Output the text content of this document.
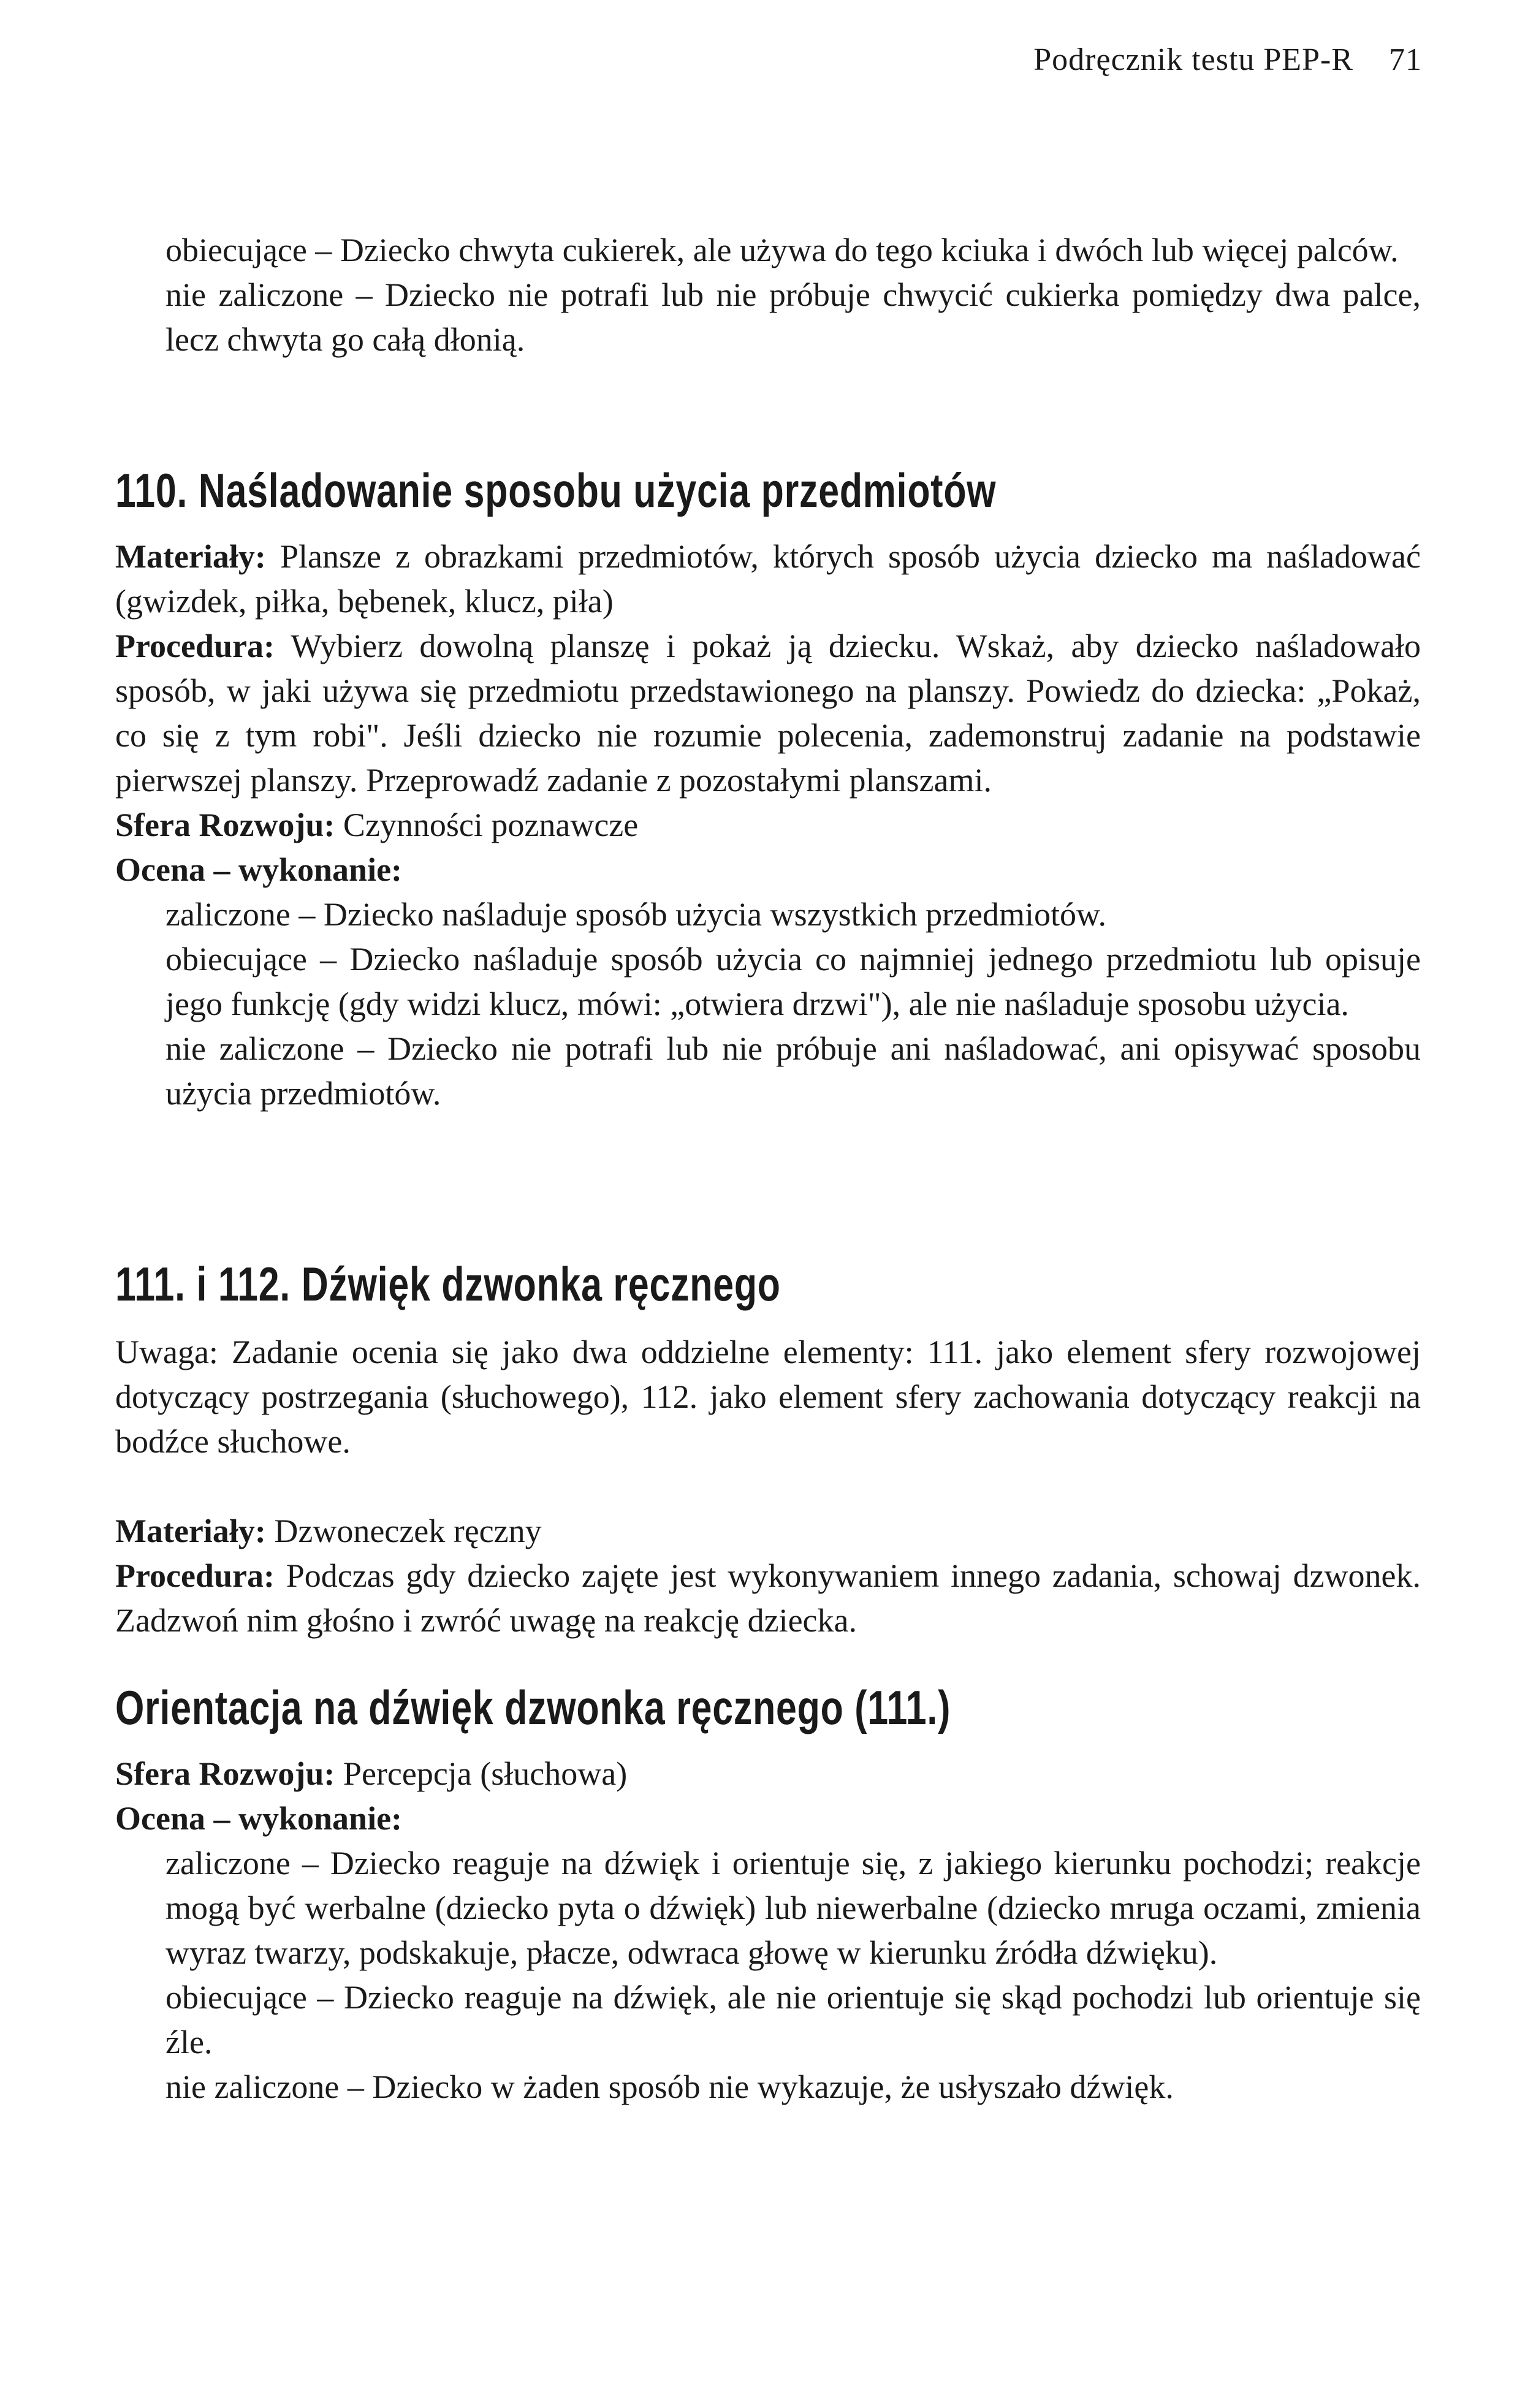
Podręcznik testu PEP-R 71

obiecujące – Dziecko chwyta cukierek, ale używa do tego kciuka i dwóch lub więcej palców.

nie zaliczone – Dziecko nie potrafi lub nie próbuje chwycić cukierka pomiędzy dwa palce, lecz chwyta go całą dłonią.

110. Naśladowanie sposobu użycia przedmiotów

Materiały: Plansze z obrazkami przedmiotów, których sposób użycia dziecko ma naśladować (gwizdek, piłka, bębenek, klucz, piła)

Procedura: Wybierz dowolną planszę i pokaż ją dziecku. Wskaż, aby dziecko naśladowało sposób, w jaki używa się przedmiotu przedstawionego na planszy. Powiedz do dziecka: „Pokaż, co się z tym robi". Jeśli dziecko nie rozumie polecenia, zademonstruj zadanie na podstawie pierwszej planszy. Przeprowadź zadanie z pozostałymi planszami.

Sfera Rozwoju: Czynności poznawcze

Ocena – wykonanie:

zaliczone – Dziecko naśladuje sposób użycia wszystkich przedmiotów.

obiecujące – Dziecko naśladuje sposób użycia co najmniej jednego przedmiotu lub opisuje jego funkcję (gdy widzi klucz, mówi: „otwiera drzwi"), ale nie naśladuje sposobu użycia.

nie zaliczone – Dziecko nie potrafi lub nie próbuje ani naśladować, ani opisywać sposobu użycia przedmiotów.

111. i 112. Dźwięk dzwonka ręcznego

Uwaga: Zadanie ocenia się jako dwa oddzielne elementy: 111. jako element sfery rozwojowej dotyczący postrzegania (słuchowego), 112. jako element sfery zachowania dotyczący reakcji na bodźce słuchowe.

Materiały: Dzwoneczek ręczny

Procedura: Podczas gdy dziecko zajęte jest wykonywaniem innego zadania, schowaj dzwonek. Zadzwoń nim głośno i zwróć uwagę na reakcję dziecka.

Orientacja na dźwięk dzwonka ręcznego (111.)

Sfera Rozwoju: Percepcja (słuchowa)

Ocena – wykonanie:

zaliczone – Dziecko reaguje na dźwięk i orientuje się, z jakiego kierunku pochodzi; reakcje mogą być werbalne (dziecko pyta o dźwięk) lub niewerbalne (dziecko mruga oczami, zmienia wyraz twarzy, podskakuje, płacze, odwraca głowę w kierunku źródła dźwięku).

obiecujące – Dziecko reaguje na dźwięk, ale nie orientuje się skąd pochodzi lub orientuje się źle.

nie zaliczone – Dziecko w żaden sposób nie wykazuje, że usłyszało dźwięk.
